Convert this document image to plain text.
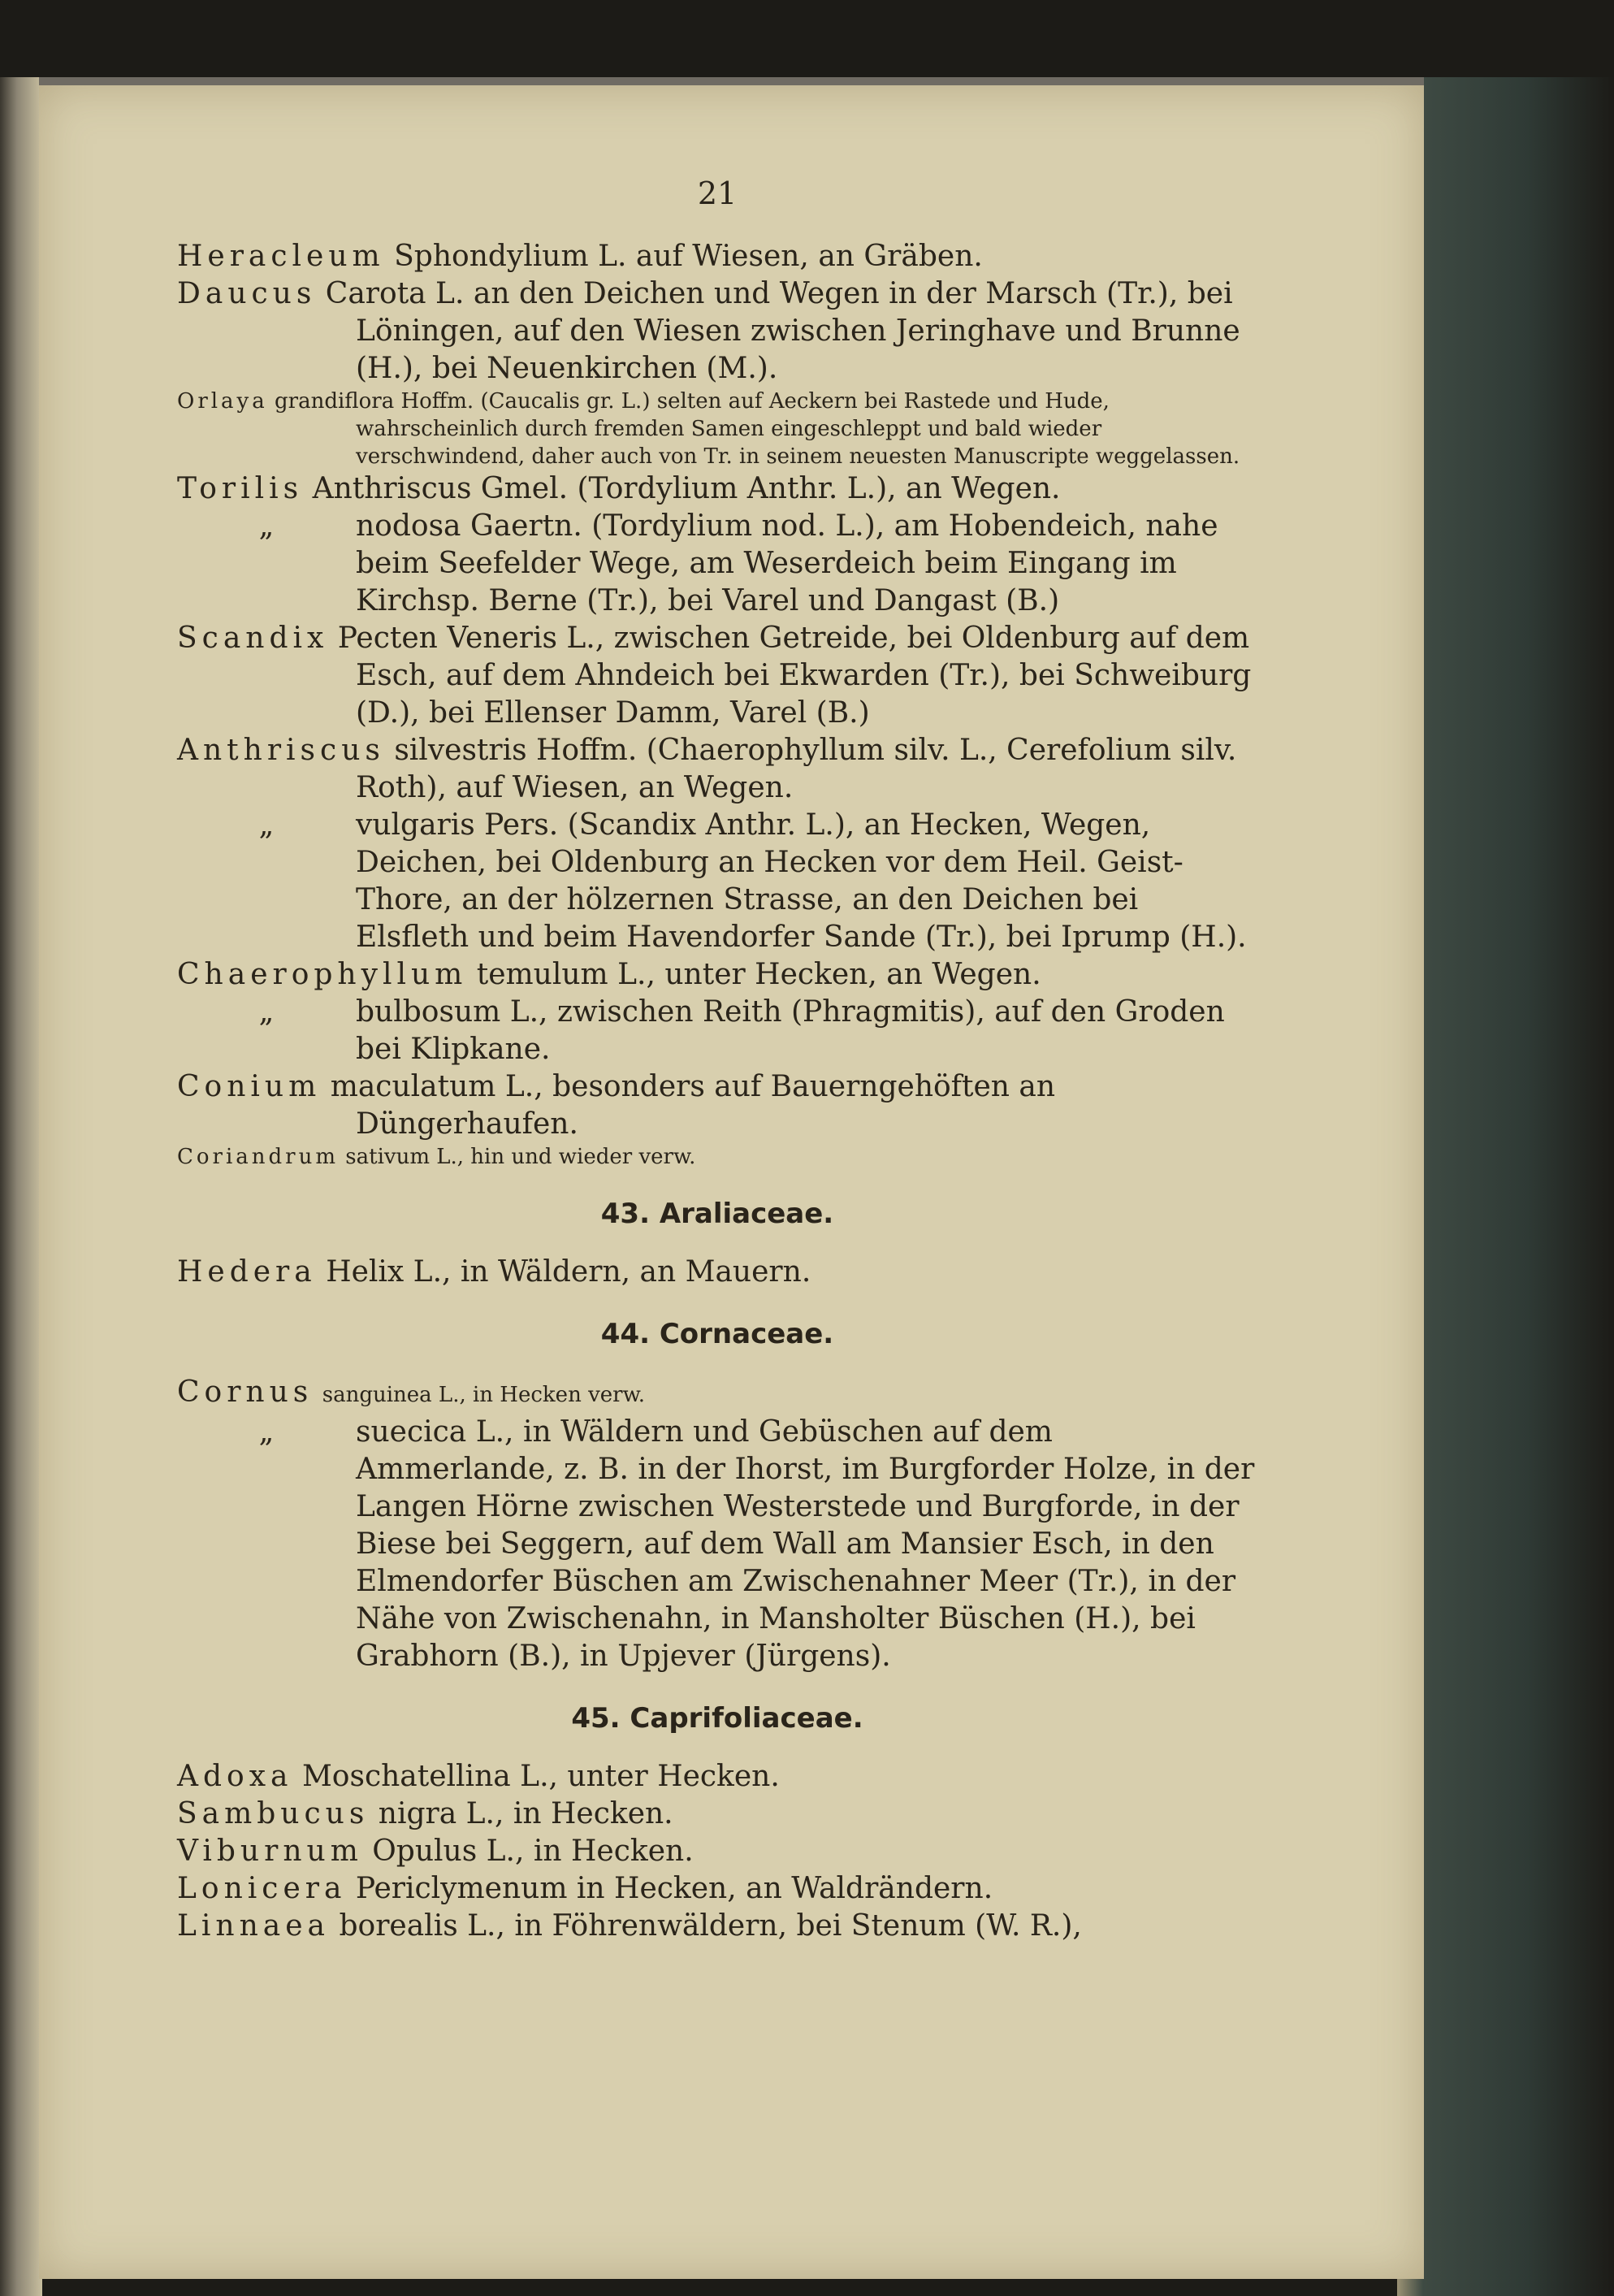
21

Heracleum Sphondylium L. auf Wiesen, an Gräben.

Daucus Carota L. an den Deichen und Wegen in der Marsch (Tr.), bei Löningen, auf den Wiesen zwischen Jeringhave und Brunne (H.), bei Neuenkirchen (M.).

Orlaya grandiflora Hoffm. (Caucalis gr. L.) selten auf Aeckern bei Rastede und Hude, wahrscheinlich durch fremden Samen eingeschleppt und bald wieder verschwindend, daher auch von Tr. in seinem neuesten Manuscripte weggelassen.

Torilis Anthriscus Gmel. (Tordylium Anthr. L.), an Wegen.

„	nodosa Gaertn. (Tordylium nod. L.), am Hobendeich, nahe beim Seefelder Wege, am Weserdeich beim Eingang im Kirchsp. Berne (Tr.), bei Varel und Dangast (B.)

Scandix Pecten Veneris L., zwischen Getreide, bei Oldenburg auf dem Esch, auf dem Ahndeich bei Ekwarden (Tr.), bei Schweiburg (D.), bei Ellenser Damm, Varel (B.)

Anthriscus silvestris Hoffm. (Chaerophyllum silv. L., Cerefolium silv. Roth), auf Wiesen, an Wegen.

„	vulgaris Pers. (Scandix Anthr. L.), an Hecken, Wegen, Deichen, bei Oldenburg an Hecken vor dem Heil. Geist-Thore, an der hölzernen Strasse, an den Deichen bei Elsfleth und beim Havendorfer Sande (Tr.), bei Iprump (H.).

Chaerophyllum temulum L., unter Hecken, an Wegen.

„	bulbosum L., zwischen Reith (Phragmitis), auf den Groden bei Klipkane.

Conium maculatum L., besonders auf Bauerngehöften an Düngerhaufen.

Coriandrum sativum L., hin und wieder verw.

43. Araliaceae.

Hedera Helix L., in Wäldern, an Mauern.

44. Cornaceae.

Cornus sanguinea L., in Hecken verw.

„	suecica L., in Wäldern und Gebüschen auf dem Ammerlande, z. B. in der Ihorst, im Burgforder Holze, in der Langen Hörne zwischen Westerstede und Burgforde, in der Biese bei Seggern, auf dem Wall am Mansier Esch, in den Elmendorfer Büschen am Zwischenahner Meer (Tr.), in der Nähe von Zwischenahn, in Mansholter Büschen (H.), bei Grabhorn (B.), in Upjever (Jürgens).

45. Caprifoliaceae.

Adoxa Moschatellina L., unter Hecken.

Sambucus nigra L., in Hecken.

Viburnum Opulus L., in Hecken.

Lonicera Periclymenum in Hecken, an Waldrändern.

Linnaea borealis L., in Föhrenwäldern, bei Stenum (W. R.),
